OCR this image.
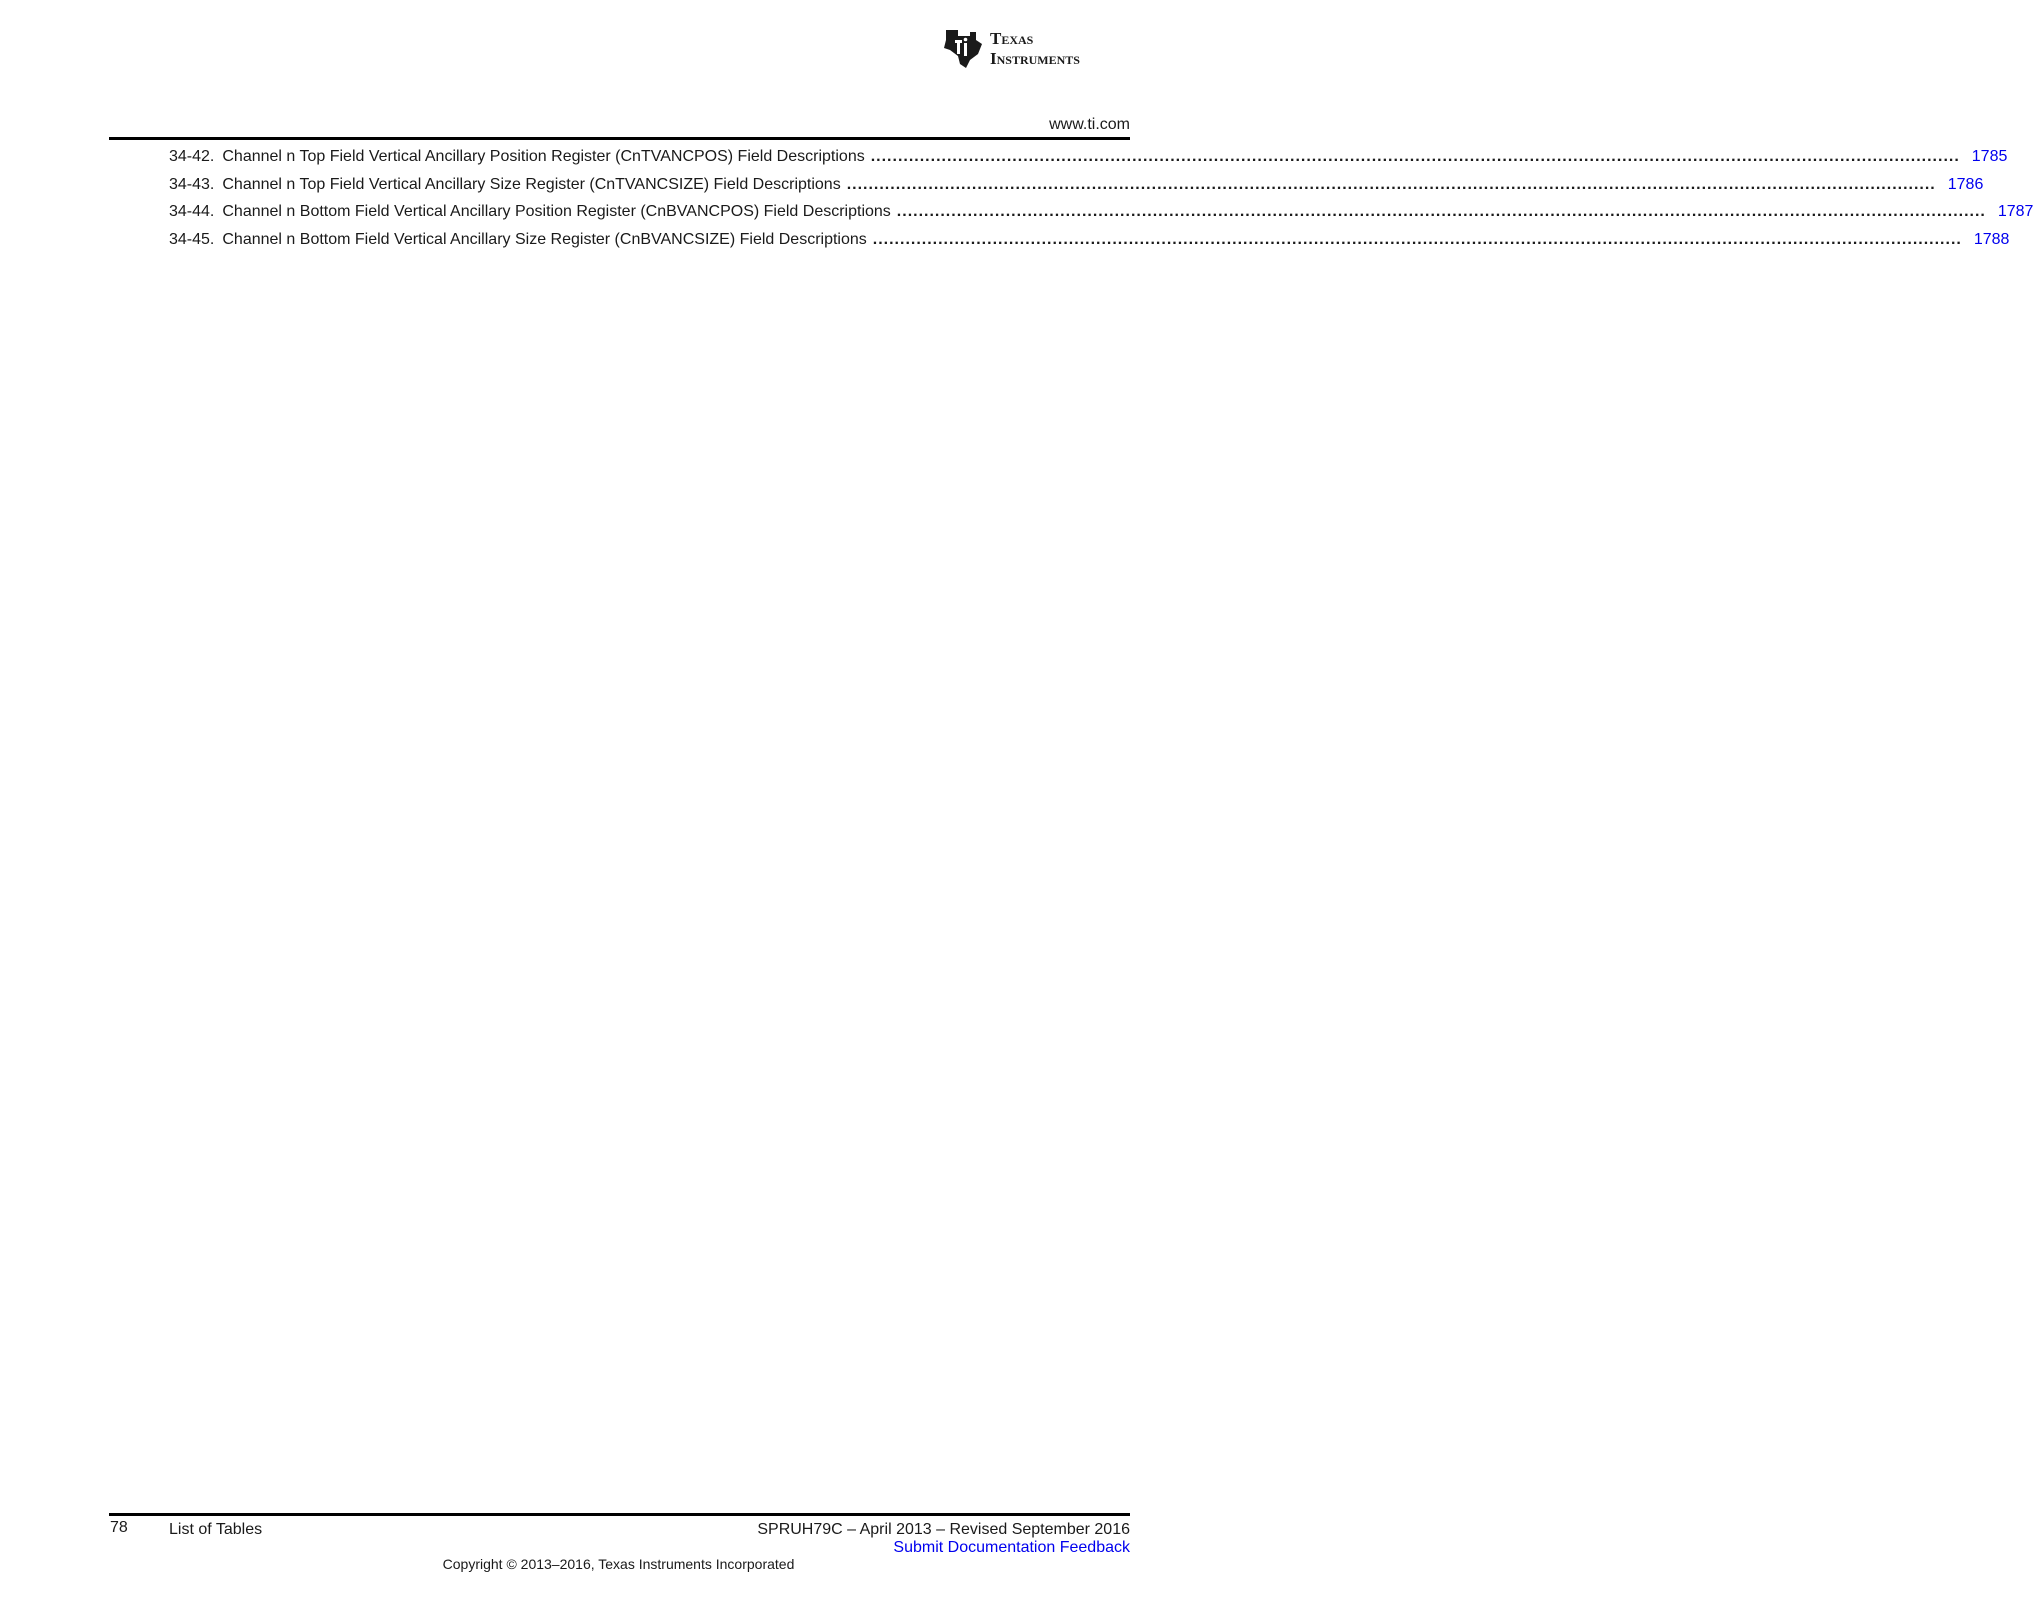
Texas
Instruments
www.ti.com
34-42. Channel n Top Field Vertical Ancillary Position Register (CnTVANCPOS) Field Descriptions .....	1785
34-43. Channel n Top Field Vertical Ancillary Size Register (CnTVANCSIZE) Field Descriptions .....	1786
34-44. Channel n Bottom Field Vertical Ancillary Position Register (CnBVANCPOS) Field Descriptions .....	1787
34-45. Channel n Bottom Field Vertical Ancillary Size Register (CnBVANCSIZE) Field Descriptions .....	1788
78	List of Tables	SPRUH79C – April 2013 – Revised September 2016
Submit Documentation Feedback
Copyright © 2013–2016, Texas Instruments Incorporated
